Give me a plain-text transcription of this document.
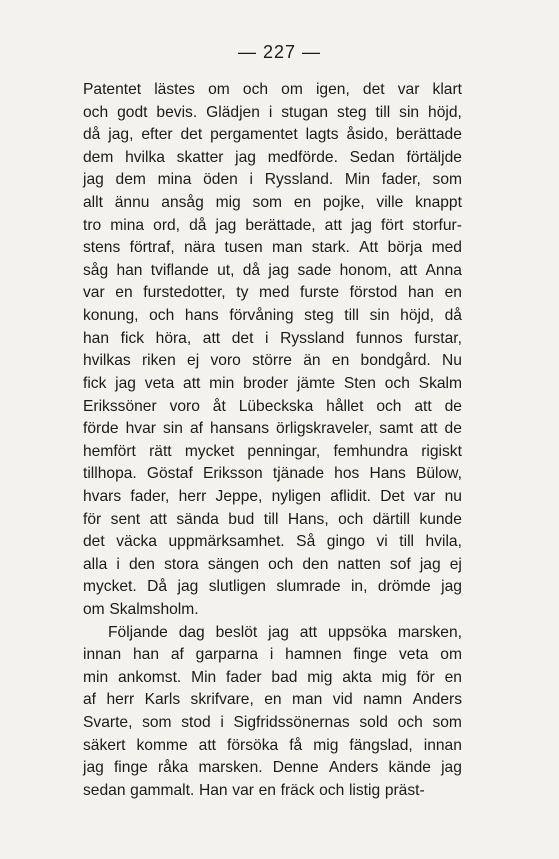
— 227 —
Patentet lästes om och om igen, det var klart
och godt bevis. Glädjen i stugan steg till sin höjd,
då jag, efter det pergamentet lagts åsido, berättade
dem hvilka skatter jag medförde. Sedan förtäljde
jag dem mina öden i Ryssland. Min fader, som
allt ännu ansåg mig som en pojke, ville knappt
tro mina ord, då jag berättade, att jag fört storfur-
stens förtraf, nära tusen man stark. Att börja med
såg han tviflande ut, då jag sade honom, att Anna
var en furstedotter, ty med furste förstod han en
konung, och hans förvåning steg till sin höjd, då
han fick höra, att det i Ryssland funnos furstar,
hvilkas riken ej voro större än en bondgård. Nu
fick jag veta att min broder jämte Sten och Skalm
Erikssöner voro åt Lübeckska hållet och att de
förde hvar sin af hansans örligskraveler, samt att de
hemfört rätt mycket penningar, femhundra rigiskt
tillhopa. Göstaf Eriksson tjänade hos Hans Bülow,
hvars fader, herr Jeppe, nyligen aflidit. Det var nu
för sent att sända bud till Hans, och därtill kunde
det väcka uppmärksamhet. Så gingo vi till hvila,
alla i den stora sängen och den natten sof jag ej
mycket. Då jag slutligen slumrade in, drömde jag
om Skalmsholm.
Följande dag beslöt jag att uppsöka marsken,
innan han af garparna i hamnen finge veta om
min ankomst. Min fader bad mig akta mig för en
af herr Karls skrifvare, en man vid namn Anders
Svarte, som stod i Sigfridssönernas sold och som
säkert komme att försöka få mig fängslad, innan
jag finge råka marsken. Denne Anders kände jag
sedan gammalt. Han var en fräck och listig präst-
